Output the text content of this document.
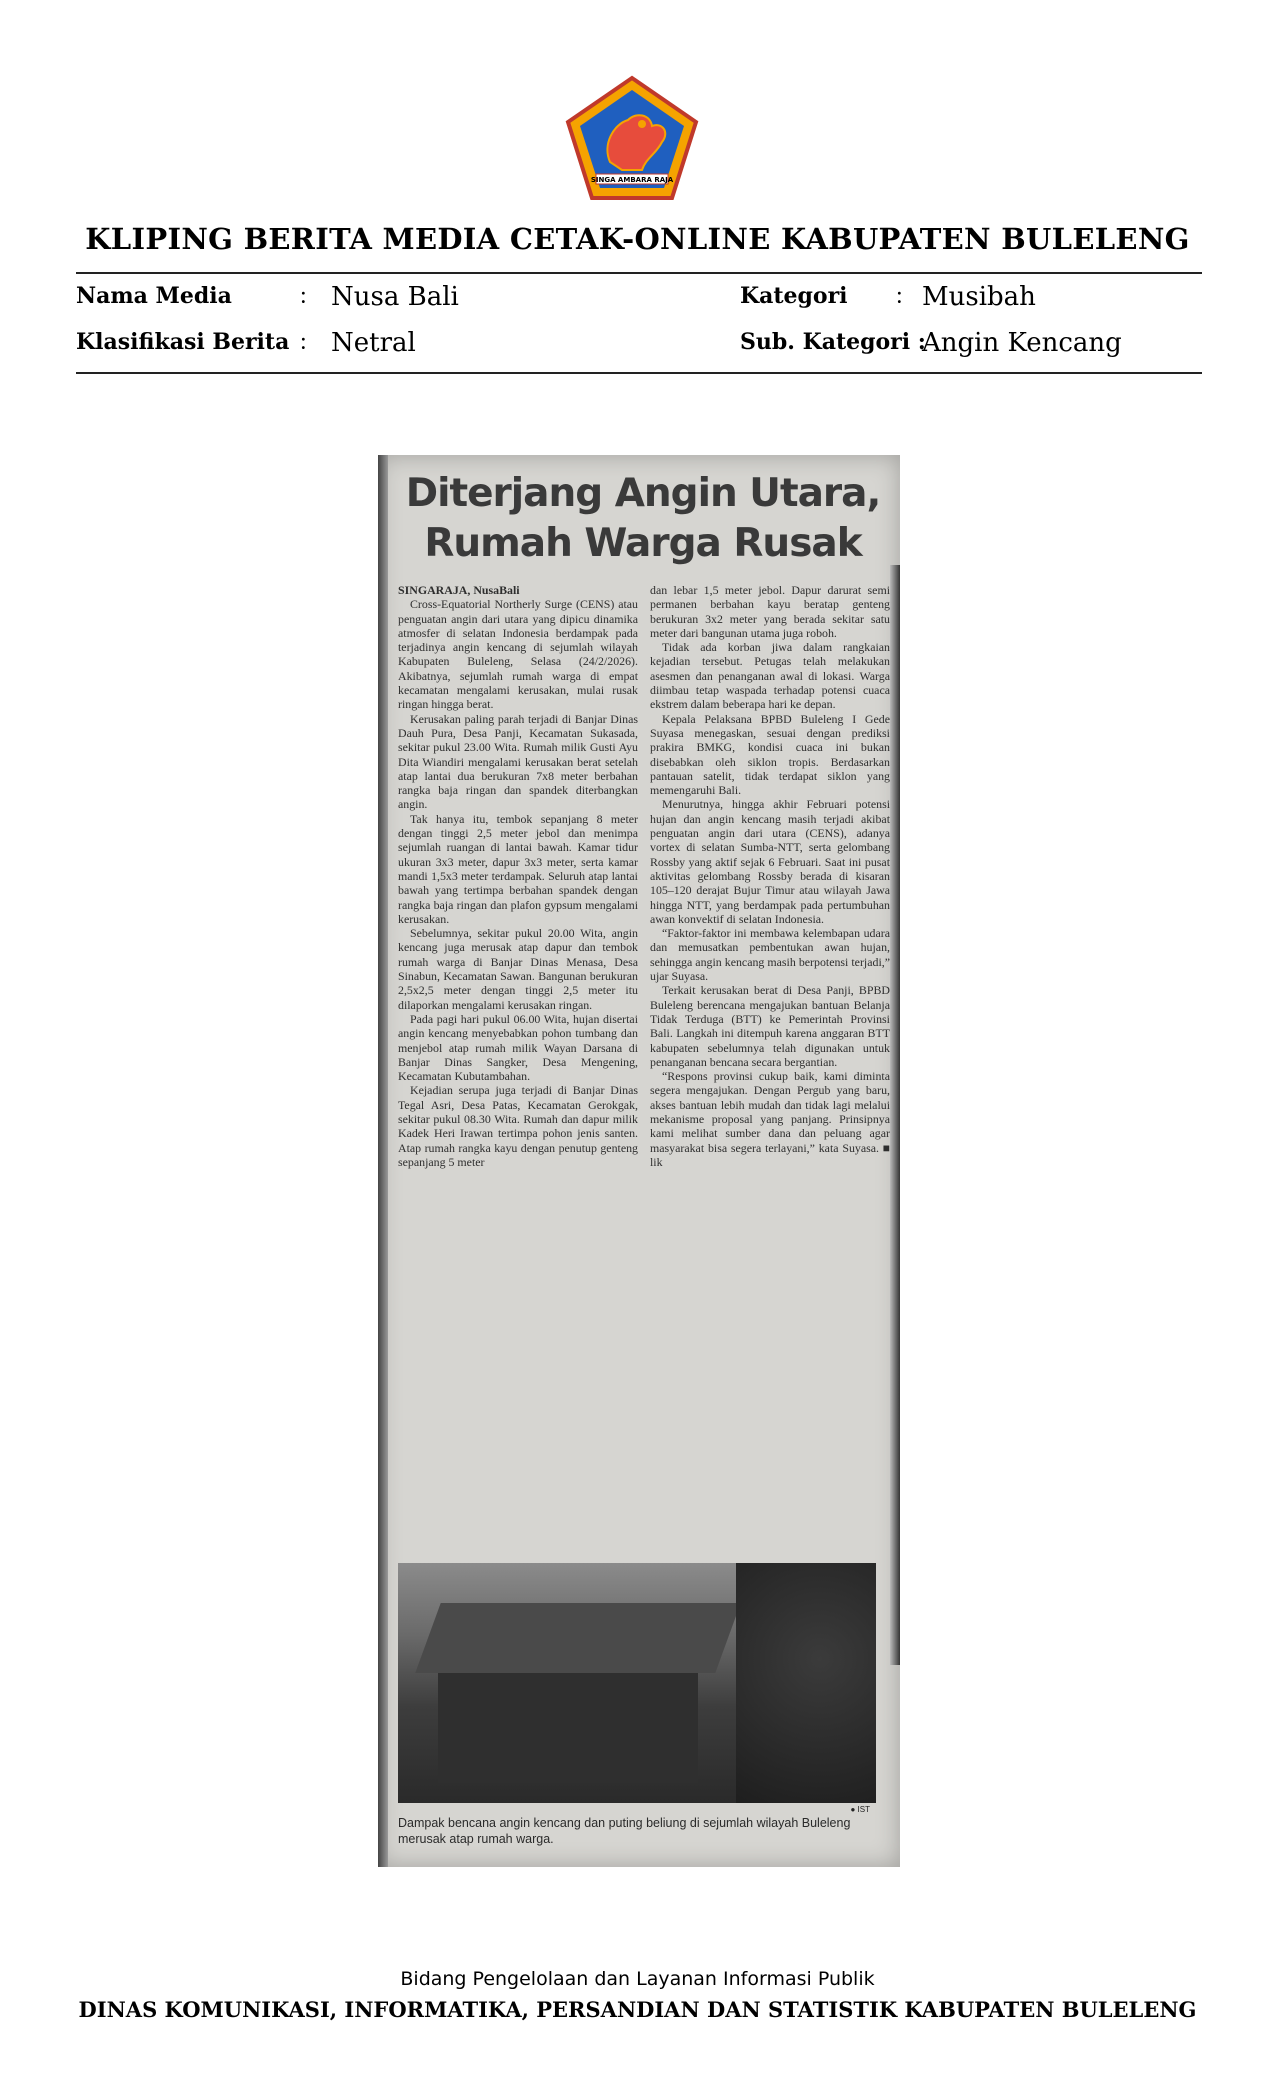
SINGA AMBARA RAJA
KLIPING BERITA MEDIA CETAK-ONLINE KABUPATEN BULELENG
Nama Media	: Nusa Bali
Klasifikasi Berita : Netral
Kategori : Musibah
Sub. Kategori :
Angin Kencang
Diterjang Angin Utara,
Rumah Warga Rusak

SINGARAJA, NusaBali

Cross-Equatorial Northerly Surge (CENS) atau penguatan angin dari utara yang dipicu dinamika atmosfer di selatan Indonesia berdampak pada terjadinya angin kencang di sejumlah wilayah Kabupaten Buleleng, Selasa (24/2/2026). Akibatnya, sejumlah rumah warga di empat kecamatan mengalami kerusakan, mulai rusak ringan hingga berat.

Kerusakan paling parah terjadi di Banjar Dinas Dauh Pura, Desa Panji, Kecamatan Sukasada, sekitar pukul 23.00 Wita. Rumah milik Gusti Ayu Dita Wiandiri mengalami kerusakan berat setelah atap lantai dua berukuran 7x8 meter berbahan rangka baja ringan dan spandek diterbangkan angin.

Tak hanya itu, tembok sepanjang 8 meter dengan tinggi 2,5 meter jebol dan menimpa sejumlah ruangan di lantai bawah. Kamar tidur ukuran 3x3 meter, dapur 3x3 meter, serta kamar mandi 1,5x3 meter terdampak. Seluruh atap lantai bawah yang tertimpa berbahan spandek dengan rangka baja ringan dan plafon gypsum mengalami kerusakan.

Sebelumnya, sekitar pukul 20.00 Wita, angin kencang juga merusak atap dapur dan tembok rumah warga di Banjar Dinas Menasa, Desa Sinabun, Kecamatan Sawan. Bangunan berukuran 2,5x2,5 meter dengan tinggi 2,5 meter itu dilaporkan mengalami kerusakan ringan.

Pada pagi hari pukul 06.00 Wita, hujan disertai angin kencang menyebabkan pohon tumbang dan menjebol atap rumah milik Wayan Darsana di Banjar Dinas Sangker, Desa Mengening, Kecamatan Kubutambahan.

Kejadian serupa juga terjadi di Banjar Dinas Tegal Asri, Desa Patas, Kecamatan Gerokgak, sekitar pukul 08.30 Wita. Rumah dan dapur milik Kadek Heri Irawan tertimpa pohon jenis santen. Atap rumah rangka kayu dengan penutup genteng sepanjang 5 meter

dan lebar 1,5 meter jebol. Dapur darurat semi permanen berbahan kayu beratap genteng berukuran 3x2 meter yang berada sekitar satu meter dari bangunan utama juga roboh.

Tidak ada korban jiwa dalam rangkaian kejadian tersebut. Petugas telah melakukan asesmen dan penanganan awal di lokasi. Warga diimbau tetap waspada terhadap potensi cuaca ekstrem dalam beberapa hari ke depan.

Kepala Pelaksana BPBD Buleleng I Gede Suyasa menegaskan, sesuai dengan prediksi prakira BMKG, kondisi cuaca ini bukan disebabkan oleh siklon tropis. Berdasarkan pantauan satelit, tidak terdapat siklon yang memengaruhi Bali.

Menurutnya, hingga akhir Februari potensi hujan dan angin kencang masih terjadi akibat penguatan angin dari utara (CENS), adanya vortex di selatan Sumba-NTT, serta gelombang Rossby yang aktif sejak 6 Februari. Saat ini pusat aktivitas gelombang Rossby berada di kisaran 105–120 derajat Bujur Timur atau wilayah Jawa hingga NTT, yang berdampak pada pertumbuhan awan konvektif di selatan Indonesia.

“Faktor-faktor ini membawa kelembapan udara dan memusatkan pembentukan awan hujan, sehingga angin kencang masih berpotensi terjadi,” ujar Suyasa.

Terkait kerusakan berat di Desa Panji, BPBD Buleleng berencana mengajukan bantuan Belanja Tidak Terduga (BTT) ke Pemerintah Provinsi Bali. Langkah ini ditempuh karena anggaran BTT kabupaten sebelumnya telah digunakan untuk penanganan bencana secara bergantian.

“Respons provinsi cukup baik, kami diminta segera mengajukan. Dengan Pergub yang baru, akses bantuan lebih mudah dan tidak lagi melalui mekanisme proposal yang panjang. Prinsipnya kami melihat sumber dana dan peluang agar masyarakat bisa segera terlayani,” kata Suyasa. ■ lik

● IST
Dampak bencana angin kencang dan puting beliung di sejumlah wilayah Buleleng merusak atap rumah warga.
Bidang Pengelolaan dan Layanan Informasi Publik
DINAS KOMUNIKASI, INFORMATIKA, PERSANDIAN DAN STATISTIK KABUPATEN BULELENG
